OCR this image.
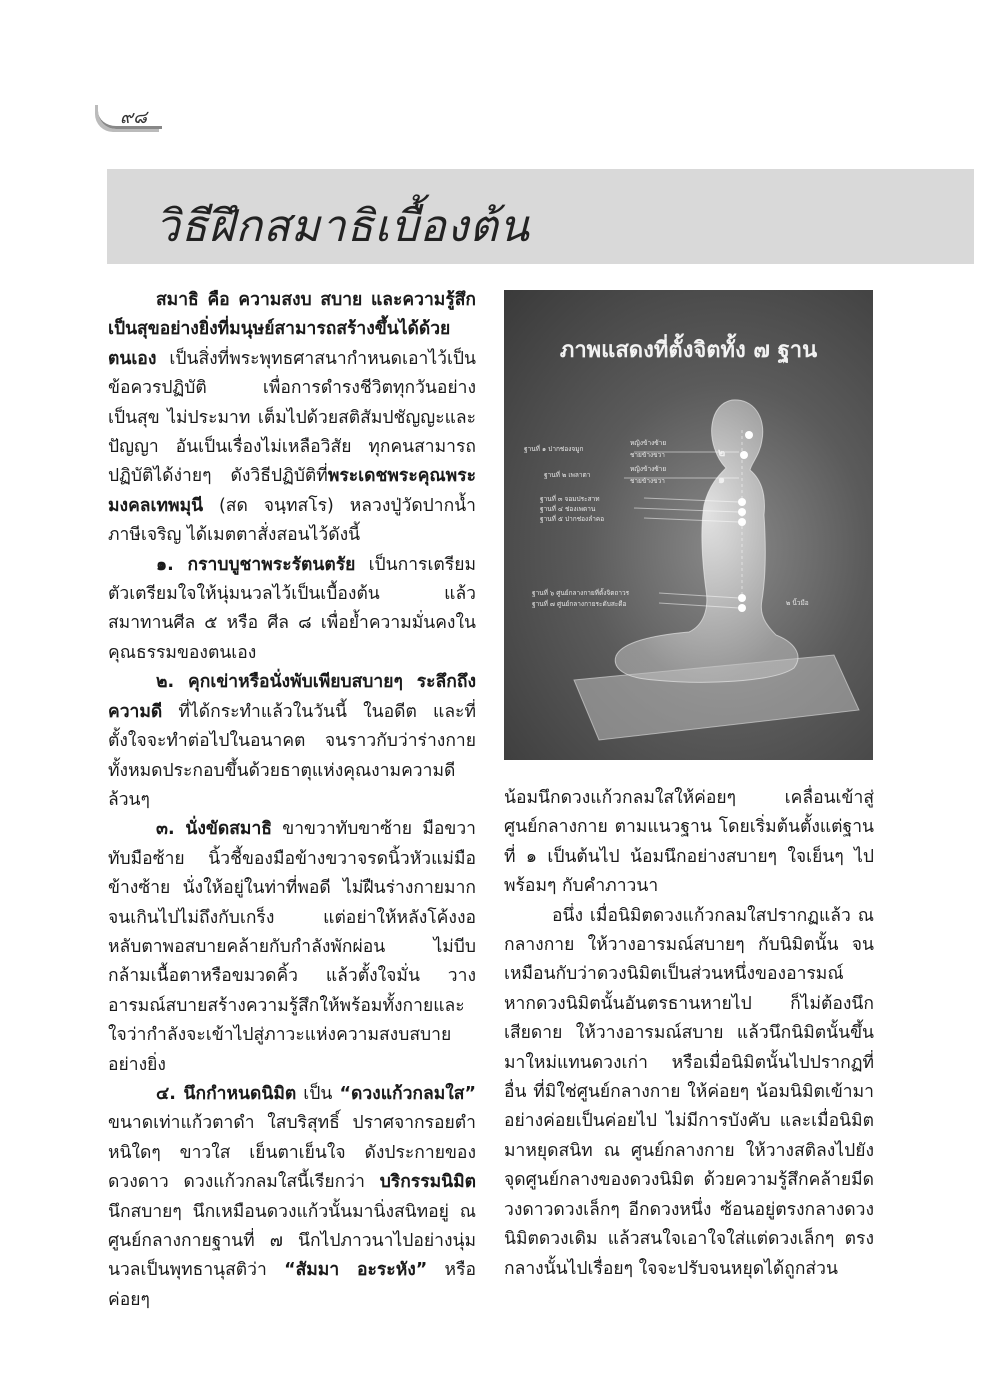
๙๘
วิธีฝึกสมาธิเบื้องต้น

สมาธิ คือ ความสงบ สบาย และความรู้สึกเป็นสุขอย่างยิ่งที่มนุษย์สามารถสร้างขึ้นได้ด้วยตนเอง เป็นสิ่งที่พระพุทธศาสนากำหนดเอาไว้เป็นข้อควรปฏิบัติ เพื่อการดำรงชีวิตทุกวันอย่างเป็นสุข ไม่ประมาท เต็มไปด้วยสติสัมปชัญญะและปัญญา อันเป็นเรื่องไม่เหลือวิสัย ทุกคนสามารถปฏิบัติได้ง่ายๆ ดังวิธีปฏิบัติที่พระเดชพระคุณพระมงคลเทพมุนี (สด จนฺทสโร) หลวงปู่วัดปากน้ำ ภาษีเจริญ ได้เมตตาสั่งสอนไว้ดังนี้

๑. กราบบูชาพระรัตนตรัย เป็นการเตรียมตัวเตรียมใจให้นุ่มนวลไว้เป็นเบื้องต้น แล้วสมาทานศีล ๕ หรือ ศีล ๘ เพื่อย้ำความมั่นคงในคุณธรรมของตนเอง

๒. คุกเข่าหรือนั่งพับเพียบสบายๆ ระลึกถึงความดี ที่ได้กระทำแล้วในวันนี้ ในอดีต และที่ตั้งใจจะทำต่อไปในอนาคต จนราวกับว่าร่างกายทั้งหมดประกอบขึ้นด้วยธาตุแห่งคุณงามความดีล้วนๆ

๓. นั่งขัดสมาธิ ขาขวาทับขาซ้าย มือขวาทับมือซ้าย นิ้วชี้ของมือข้างขวาจรดนิ้วหัวแม่มือข้างซ้าย นั่งให้อยู่ในท่าที่พอดี ไม่ฝืนร่างกายมากจนเกินไปไม่ถึงกับเกร็ง แต่อย่าให้หลังโค้งงอ หลับตาพอสบายคล้ายกับกำลังพักผ่อน ไม่บีบกล้ามเนื้อตาหรือขมวดคิ้ว แล้วตั้งใจมั่น วางอารมณ์สบายสร้างความรู้สึกให้พร้อมทั้งกายและใจว่ากำลังจะเข้าไปสู่ภาวะแห่งความสงบสบายอย่างยิ่ง

๔. นึกกำหนดนิมิต เป็น “ดวงแก้วกลมใส” ขนาดเท่าแก้วตาดำ ใสบริสุทธิ์ ปราศจากรอยตำหนิใดๆ ขาวใส เย็นตาเย็นใจ ดังประกายของดวงดาว ดวงแก้วกลมใสนี้เรียกว่า บริกรรมนิมิต นึกสบายๆ นึกเหมือนดวงแก้วนั้นมานิ่งสนิทอยู่ ณ ศูนย์กลางกายฐานที่ ๗ นึกไปภาวนาไปอย่างนุ่มนวลเป็นพุทธานุสติว่า “สัมมา อะระหัง” หรือค่อยๆ

ภาพแสดงที่ตั้งจิตทั้ง ๗ ฐาน
ฐานที่ ๑ ปากช่องจมูก
หญิงข้างซ้าย
ชายข้างขวา	๒
ฐานที่ ๒ เพลาตา
หญิงข้างซ้าย
ชายข้างขวา	๑
ฐานที่ ๓ จอมประสาท
ฐานที่ ๔ ช่องเพดาน
ฐานที่ ๕ ปากช่องลำคอ
ฐานที่ ๖ ศูนย์กลางกายที่ตั้งจิตถาวร
ฐานที่ ๗ ศูนย์กลางกายระดับสะดือ	๒ นิ้วมือ

น้อมนึกดวงแก้วกลมใสให้ค่อยๆ เคลื่อนเข้าสู่ศูนย์กลางกาย ตามแนวฐาน โดยเริ่มต้นตั้งแต่ฐานที่ ๑ เป็นต้นไป น้อมนึกอย่างสบายๆ ใจเย็นๆ ไปพร้อมๆ กับคำภาวนา

อนึ่ง เมื่อนิมิตดวงแก้วกลมใสปรากฏแล้ว ณ กลางกาย ให้วางอารมณ์สบายๆ กับนิมิตนั้น จนเหมือนกับว่าดวงนิมิตเป็นส่วนหนึ่งของอารมณ์ หากดวงนิมิตนั้นอันตรธานหายไป ก็ไม่ต้องนึกเสียดาย ให้วางอารมณ์สบาย แล้วนึกนิมิตนั้นขึ้นมาใหม่แทนดวงเก่า หรือเมื่อนิมิตนั้นไปปรากฏที่อื่น ที่มิใช่ศูนย์กลางกาย ให้ค่อยๆ น้อมนิมิตเข้ามาอย่างค่อยเป็นค่อยไป ไม่มีการบังคับ และเมื่อนิมิตมาหยุดสนิท ณ ศูนย์กลางกาย ให้วางสติลงไปยังจุดศูนย์กลางของดวงนิมิต ด้วยความรู้สึกคล้ายมีดวงดาวดวงเล็กๆ อีกดวงหนึ่ง ซ้อนอยู่ตรงกลางดวงนิมิตดวงเดิม แล้วสนใจเอาใจใส่แต่ดวงเล็กๆ ตรงกลางนั้นไปเรื่อยๆ ใจจะปรับจนหยุดได้ถูกส่วน
